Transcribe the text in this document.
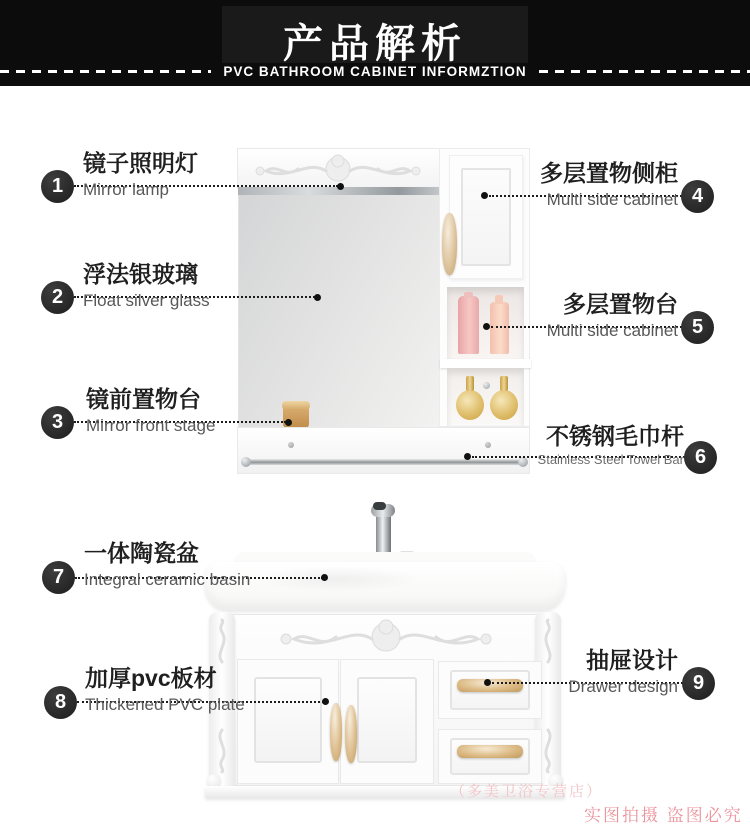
产品解析
PVC BATHROOM CABINET INFORMZTION
1
镜子照明灯
Mirror lamp
2
浮法银玻璃
Float silver glass
3
镜前置物台
Mirror front stage
4
多层置物侧柜
Multi side cabinet
5
多层置物台
Multi side cabinet
6
不锈钢毛巾杆
Stainless Steel Towel Bar
7
一体陶瓷盆
Integral ceramic basin
8
加厚pvc板材
Thickened PVC plate
9
抽屉设计
Drawer design
（多美卫浴专营店）
实图拍摄 盗图必究
